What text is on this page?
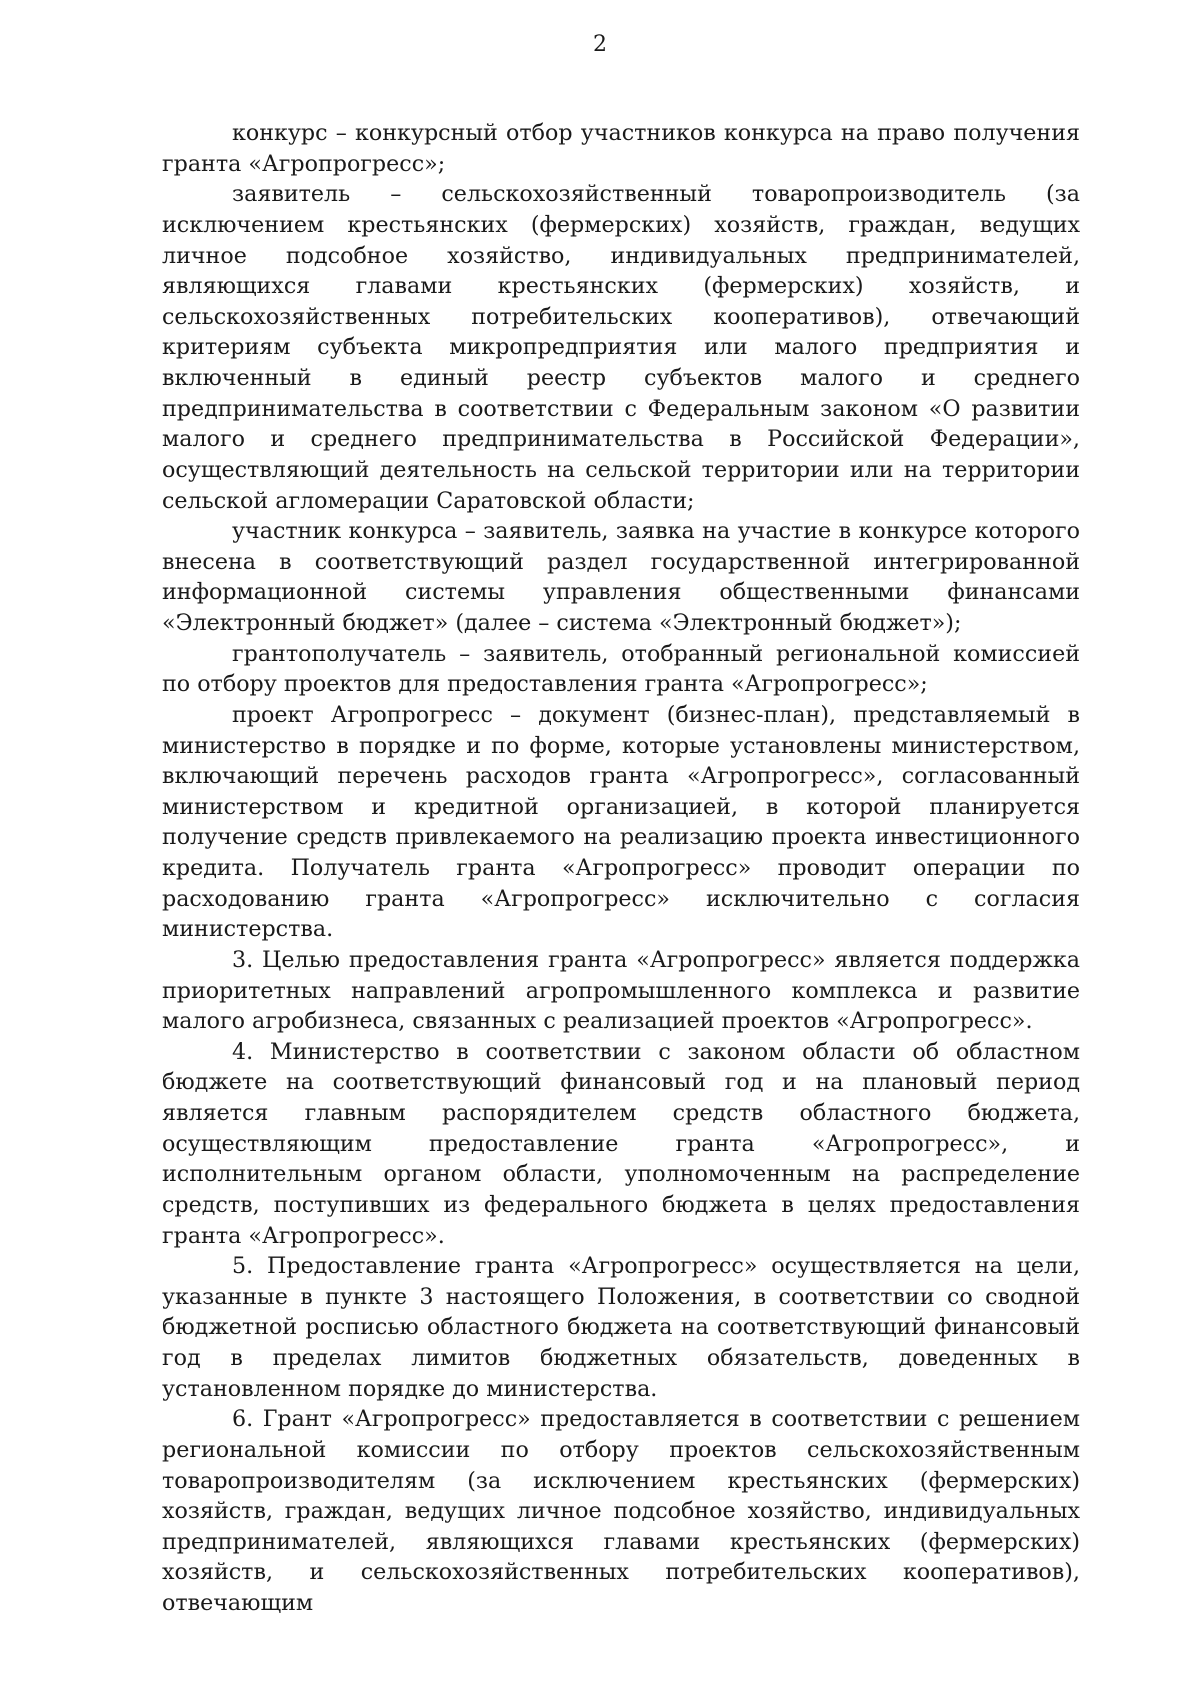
2

конкурс – конкурсный отбор участников конкурса на право получения гранта «Агропрогресс»;

заявитель – сельскохозяйственный товаропроизводитель (за исключением крестьянских (фермерских) хозяйств, граждан, ведущих личное подсобное хозяйство, индивидуальных предпринимателей, являющихся главами крестьянских (фермерских) хозяйств, и сельскохозяйственных потребительских кооперативов), отвечающий критериям субъекта микропредприятия или малого предприятия и включенный в единый реестр субъектов малого и среднего предпринимательства в соответствии с Федеральным законом «О развитии малого и среднего предпринимательства в Российской Федерации», осуществляющий деятельность на сельской территории или на территории сельской агломерации Саратовской области;

участник конкурса – заявитель, заявка на участие в конкурсе которого внесена в соответствующий раздел государственной интегрированной информационной системы управления общественными финансами «Электронный бюджет» (далее – система «Электронный бюджет»);

грантополучатель – заявитель, отобранный региональной комиссией по отбору проектов для предоставления гранта «Агропрогресс»;

проект Агропрогресс – документ (бизнес-план), представляемый в министерство в порядке и по форме, которые установлены министерством, включающий перечень расходов гранта «Агропрогресс», согласованный министерством и кредитной организацией, в которой планируется получение средств привлекаемого на реализацию проекта инвестиционного кредита. Получатель гранта «Агропрогресс» проводит операции по расходованию гранта «Агропрогресс» исключительно с согласия министерства.

3. Целью предоставления гранта «Агропрогресс» является поддержка приоритетных направлений агропромышленного комплекса и развитие малого агробизнеса, связанных с реализацией проектов «Агропрогресс».

4. Министерство в соответствии с законом области об областном бюджете на соответствующий финансовый год и на плановый период является главным распорядителем средств областного бюджета, осуществляющим предоставление гранта «Агропрогресс», и исполнительным органом области, уполномоченным на распределение средств, поступивших из федерального бюджета в целях предоставления гранта «Агропрогресс».

5. Предоставление гранта «Агропрогресс» осуществляется на цели, указанные в пункте 3 настоящего Положения, в соответствии со сводной бюджетной росписью областного бюджета на соответствующий финансовый год в пределах лимитов бюджетных обязательств, доведенных в установленном порядке до министерства.

6. Грант «Агропрогресс» предоставляется в соответствии с решением региональной комиссии по отбору проектов сельскохозяйственным товаропроизводителям (за исключением крестьянских (фермерских) хозяйств, граждан, ведущих личное подсобное хозяйство, индивидуальных предпринимателей, являющихся главами крестьянских (фермерских) хозяйств, и сельскохозяйственных потребительских кооперативов), отвечающим
